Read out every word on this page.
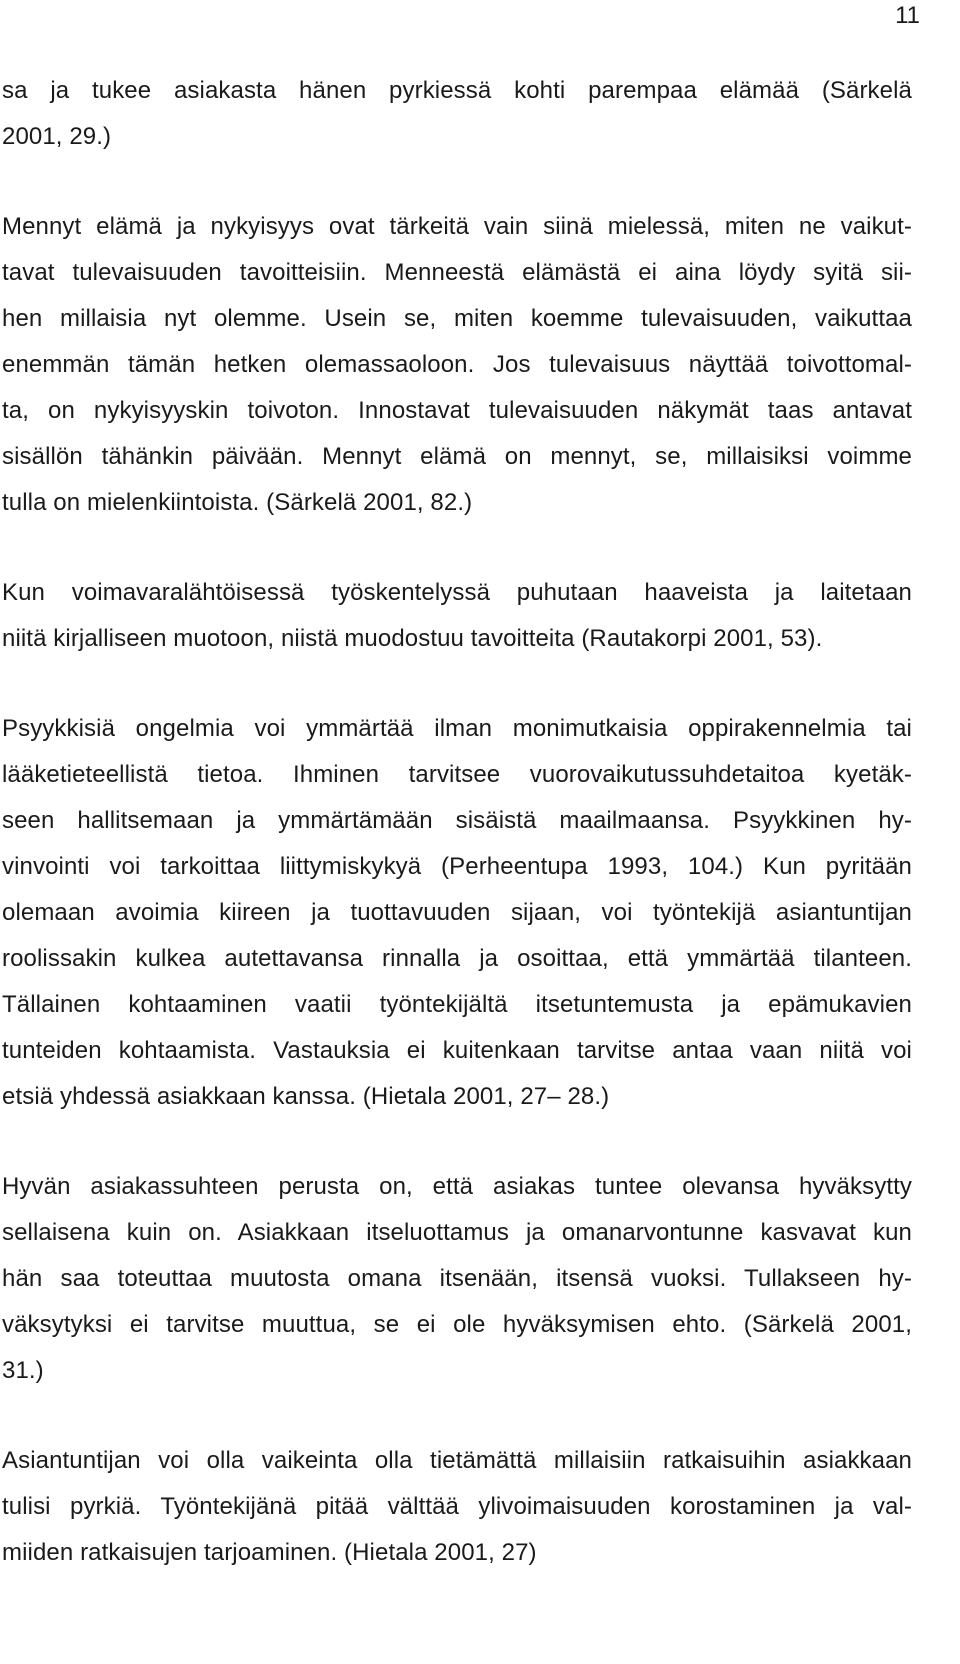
11
sa ja tukee asiakasta hänen pyrkiessä kohti parempaa elämää (Särkelä
2001, 29.)
Mennyt elämä ja nykyisyys ovat tärkeitä vain siinä mielessä, miten ne vaikut-
tavat tulevaisuuden tavoitteisiin. Menneestä elämästä ei aina löydy syitä sii-
hen millaisia nyt olemme. Usein se, miten koemme tulevaisuuden, vaikuttaa
enemmän tämän hetken olemassaoloon. Jos tulevaisuus näyttää toivottomal-
ta, on nykyisyyskin toivoton. Innostavat tulevaisuuden näkymät taas antavat
sisällön tähänkin päivään. Mennyt elämä on mennyt, se, millaisiksi voimme
tulla on mielenkiintoista. (Särkelä 2001, 82.)
Kun voimavaralähtöisessä työskentelyssä puhutaan haaveista ja laitetaan
niitä kirjalliseen muotoon, niistä muodostuu tavoitteita (Rautakorpi 2001, 53).
Psyykkisiä ongelmia voi ymmärtää ilman monimutkaisia oppirakennelmia tai
lääketieteellistä tietoa. Ihminen tarvitsee vuorovaikutussuhdetaitoa kyetäk-
seen hallitsemaan ja ymmärtämään sisäistä maailmaansa. Psyykkinen hy-
vinvointi voi tarkoittaa liittymiskykyä (Perheentupa 1993, 104.) Kun pyritään
olemaan avoimia kiireen ja tuottavuuden sijaan, voi työntekijä asiantuntijan
roolissakin kulkea autettavansa rinnalla ja osoittaa, että ymmärtää tilanteen.
Tällainen kohtaaminen vaatii työntekijältä itsetuntemusta ja epämukavien
tunteiden kohtaamista. Vastauksia ei kuitenkaan tarvitse antaa vaan niitä voi
etsiä yhdessä asiakkaan kanssa. (Hietala 2001, 27– 28.)
Hyvän asiakassuhteen perusta on, että asiakas tuntee olevansa hyväksytty
sellaisena kuin on. Asiakkaan itseluottamus ja omanarvontunne kasvavat kun
hän saa toteuttaa muutosta omana itsenään, itsensä vuoksi. Tullakseen hy-
väksytyksi ei tarvitse muuttua, se ei ole hyväksymisen ehto. (Särkelä 2001,
31.)
Asiantuntijan voi olla vaikeinta olla tietämättä millaisiin ratkaisuihin asiakkaan
tulisi pyrkiä. Työntekijänä pitää välttää ylivoimaisuuden korostaminen ja val-
miiden ratkaisujen tarjoaminen. (Hietala 2001, 27)
